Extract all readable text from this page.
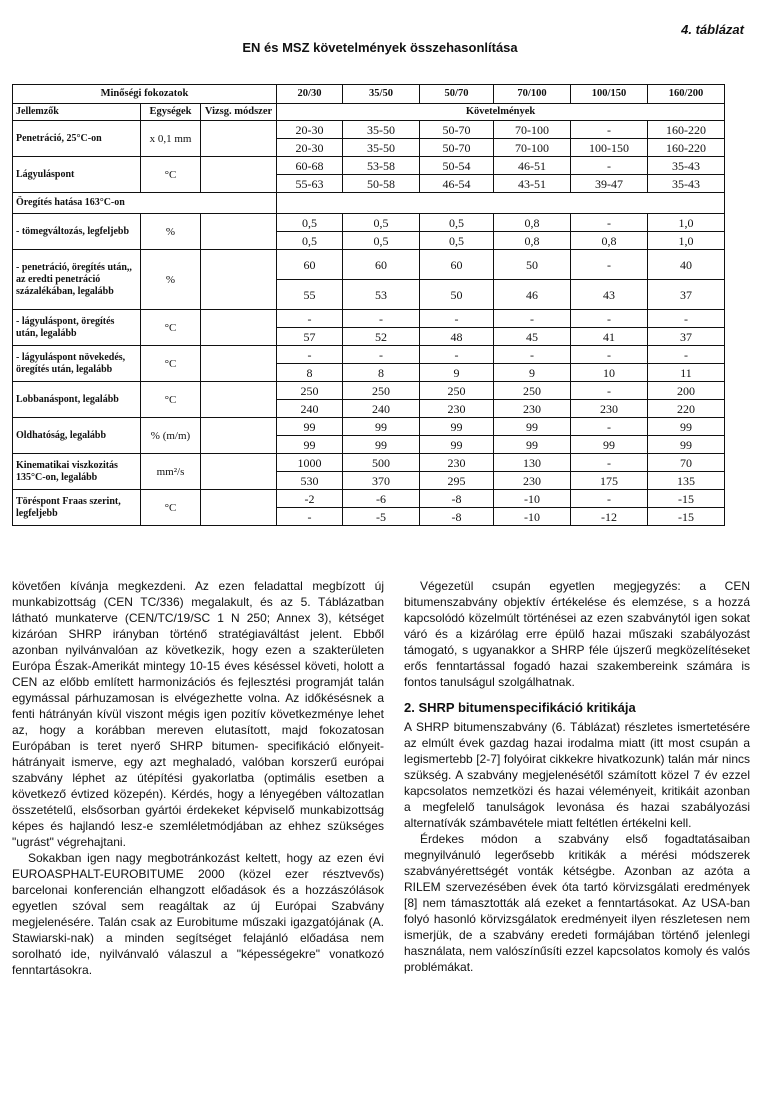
4. táblázat
EN és MSZ követelmények összehasonlítása
Minőségi fokozatok			20/30	35/50	50/70	70/100	100/150	160/200
Jellemzők	Egységek	Vizsg. módszer	Követelmények					
Penetráció, 25°C-on	x 0,1 mm		20-30	35-50	50-70	70-100	-	160-220
			20-30	35-50	50-70	70-100	100-150	160-220
Lágyuláspont	°C		60-68	53-58	50-54	46-51	-	35-43
			55-63	50-58	46-54	43-51	39-47	35-43
Öregítés hatása 163°C-on								
- tömegváltozás, legfeljebb	%		0,5	0,5	0,5	0,8	-	1,0
			0,5	0,5	0,5	0,8	0,8	1,0
- penetráció, öregítés után,, az eredti penetráció százalékában, legalább	%		60	60	60	50	-	40
			55	53	50	46	43	37
- lágyuláspont, öregítés után, legalább	°C		-	-	-	-	-	-
			57	52	48	45	41	37
- lágyuláspont növekedés, öregítés után, legalább	°C		-	-	-	-	-	-
			8	8	9	9	10	11
Lobbanáspont, legalább	°C		250	250	250	250	-	200
			240	240	230	230	230	220
Oldhatóság, legalább	% (m/m)		99	99	99	99	-	99
			99	99	99	99	99	99
Kinematikai viszkozitás 135°C-on, legalább	mm²/s		1000	500	230	130	-	70
			530	370	295	230	175	135
Töréspont Fraas szerint, legfeljebb	°C		-2	-6	-8	-10	-	-15
			-	-5	-8	-10	-12	-15

követően kívánja megkezdeni. Az ezen feladattal megbízott új munkabizottság (CEN TC/336) megalakult, és az 5. Táblázatban látható munkaterve (CEN/TC/19/SC 1 N 250; Annex 3), kétséget kizáróan SHRP irányban történő stratégiaváltást jelent. Ebből azonban nyilvánvalóan az következik, hogy ezen a szakterületen Európa Észak-Amerikát mintegy 10-15 éves késéssel követi, holott a CEN az előbb említett harmonizációs és fejlesztési programját talán egymással párhuzamosan is elvégezhette volna. Az időkésésnek a fenti hátrányán kívül viszont mégis igen pozitív következménye lehet az, hogy a korábban mereven elutasított, majd fokozatosan Európában is teret nyerő SHRP bitumen- specifikáció előnyeit-hátrányait ismerve, egy azt meghaladó, valóban korszerű európai szabvány léphet az útépítési gyakorlatba (optimális esetben a következő évtized közepén). Kérdés, hogy a lényegében változatlan összetételű, elsősorban gyártói érdekeket képviselő munkabizottság képes és hajlandó lesz-e szemléletmódjában az ehhez szükséges "ugrást" végrehajtani.

Sokakban igen nagy megbotránkozást keltett, hogy az ezen évi EUROASPHALT-EUROBITUME 2000 (közel ezer résztvevős) barcelonai konferencián elhangzott előadások és a hozzászólások egyetlen szóval sem reagáltak az új Európai Szabvány megjelenésére. Talán csak az Eurobitume műszaki igazgatójának (A. Stawiarski-nak) a minden segítséget felajánló előadása nem sorolható ide, nyilvánvaló válaszul a "képességekre" vonatkozó fenntartásokra.

Végezetül csupán egyetlen megjegyzés: a CEN bitumenszabvány objektív értékelése és elemzése, s a hozzá kapcsolódó közelmúlt történései az ezen szabványtól igen sokat váró és a kizárólag erre épülő hazai műszaki szabályozást támogató, s ugyanakkor a SHRP féle újszerű megközelítéseket erős fenntartással fogadó hazai szakembereink számára is fontos tanulságul szolgálhatnak.

2. SHRP bitumenspecifikáció kritikája

A SHRP bitumenszabvány (6. Táblázat) részletes ismertetésére az elmúlt évek gazdag hazai irodalma miatt (itt most csupán a legismertebb [2-7] folyóirat cikkekre hivatkozunk) talán már nincs szükség. A szabvány megjelenésétől számított közel 7 év ezzel kapcsolatos nemzetközi és hazai véleményeit, kritikáit azonban a megfelelő tanulságok levonása és hazai szabályozási alternatívák számbavétele miatt feltétlen értékelni kell.

Érdekes módon a szabvány első fogadtatásaiban megnyilvánuló legerősebb kritikák a mérési módszerek szabványérettségét vonták kétségbe. Azonban az azóta a RILEM szervezésében évek óta tartó körvizsgálati eredmények [8] nem támasztották alá ezeket a fenntartásokat. Az USA-ban folyó hasonló körvizsgálatok eredményeit ilyen részletesen nem ismerjük, de a szabvány eredeti formájában történő jelenlegi használata, nem valószínűsíti ezzel kapcsolatos komoly és valós problémákat.
